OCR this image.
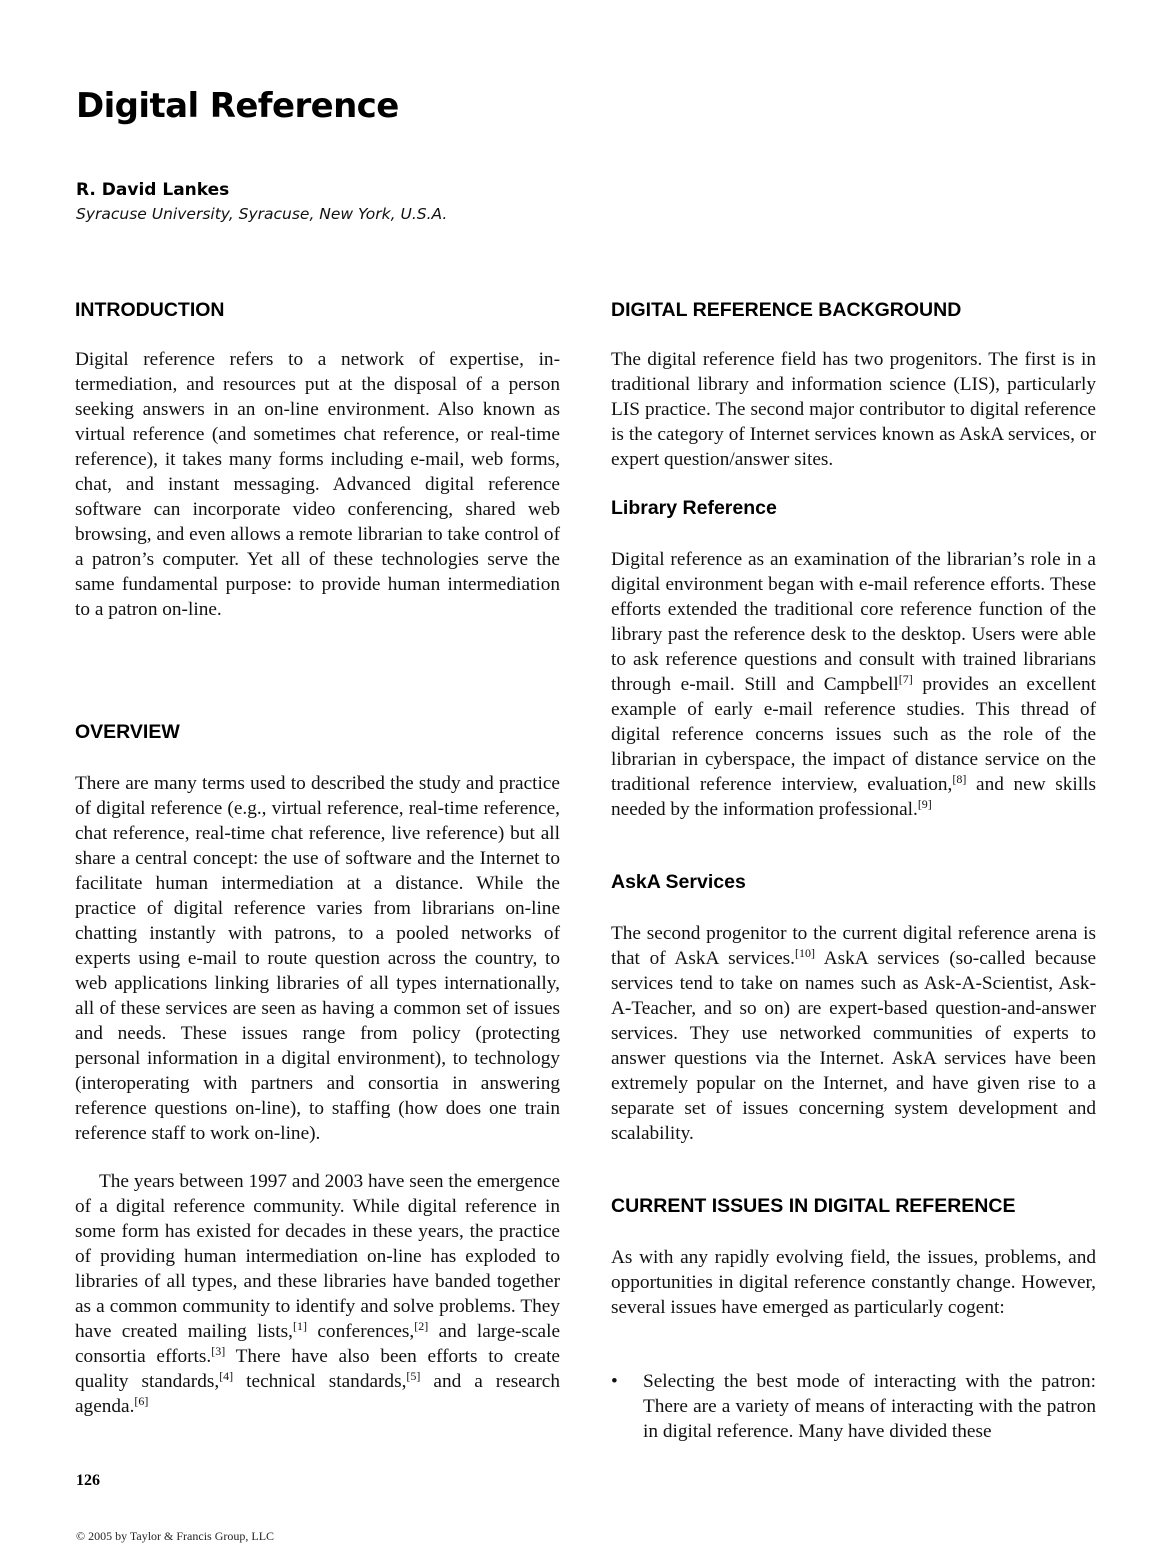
Digital Reference

R. David Lankes

Syracuse University, Syracuse, New York, U.S.A.

INTRODUCTION

Digital reference refers to a network of expertise, intermediation, and resources put at the disposal of a person seeking answers in an on-line environment. Also known as virtual reference (and sometimes chat reference, or real-time reference), it takes many forms including e-mail, web forms, chat, and instant messaging. Advanced digital reference software can incorporate video conferencing, shared web browsing, and even allows a remote librarian to take control of a patron’s computer. Yet all of these technologies serve the same fundamental purpose: to provide human intermediation to a patron on-line.

OVERVIEW

There are many terms used to described the study and practice of digital reference (e.g., virtual reference, real-time reference, chat reference, real-time chat reference, live reference) but all share a central concept: the use of software and the Internet to facilitate human intermediation at a distance. While the practice of digital reference varies from librarians on-line chatting instantly with patrons, to a pooled networks of experts using e-mail to route question across the country, to web applications linking libraries of all types internationally, all of these services are seen as having a common set of issues and needs. These issues range from policy (protecting personal information in a digital environment), to technology (interoperating with partners and consortia in answering reference questions on-line), to staffing (how does one train reference staff to work on-line).

The years between 1997 and 2003 have seen the emergence of a digital reference community. While digital reference in some form has existed for decades in these years, the practice of providing human intermediation on-line has exploded to libraries of all types, and these libraries have banded together as a common community to identify and solve problems. They have created mailing lists,[1] conferences,[2] and large-scale consortia efforts.[3] There have also been efforts to create quality standards,[4] technical standards,[5] and a research agenda.[6]

DIGITAL REFERENCE BACKGROUND

The digital reference field has two progenitors. The first is in traditional library and information science (LIS), particularly LIS practice. The second major contributor to digital reference is the category of Internet services known as AskA services, or expert question/answer sites.

Library Reference

Digital reference as an examination of the librarian’s role in a digital environment began with e-mail reference efforts. These efforts extended the traditional core reference function of the library past the reference desk to the desktop. Users were able to ask reference questions and consult with trained librarians through e-mail. Still and Campbell[7] provides an excellent example of early e-mail reference studies. This thread of digital reference concerns issues such as the role of the librarian in cyberspace, the impact of distance service on the traditional reference interview, evaluation,[8] and new skills needed by the information professional.[9]

AskA Services

The second progenitor to the current digital reference arena is that of AskA services.[10] AskA services (so-called because services tend to take on names such as Ask-A-Scientist, Ask-A-Teacher, and so on) are expert-based question-and-answer services. They use networked communities of experts to answer questions via the Internet. AskA services have been extremely popular on the Internet, and have given rise to a separate set of issues concerning system development and scalability.

CURRENT ISSUES IN DIGITAL REFERENCE

As with any rapidly evolving field, the issues, problems, and opportunities in digital reference constantly change. However, several issues have emerged as particularly cogent:

• Selecting the best mode of interacting with the patron: There are a variety of means of interacting with the patron in digital reference. Many have divided these

126

© 2005 by Taylor & Francis Group, LLC
